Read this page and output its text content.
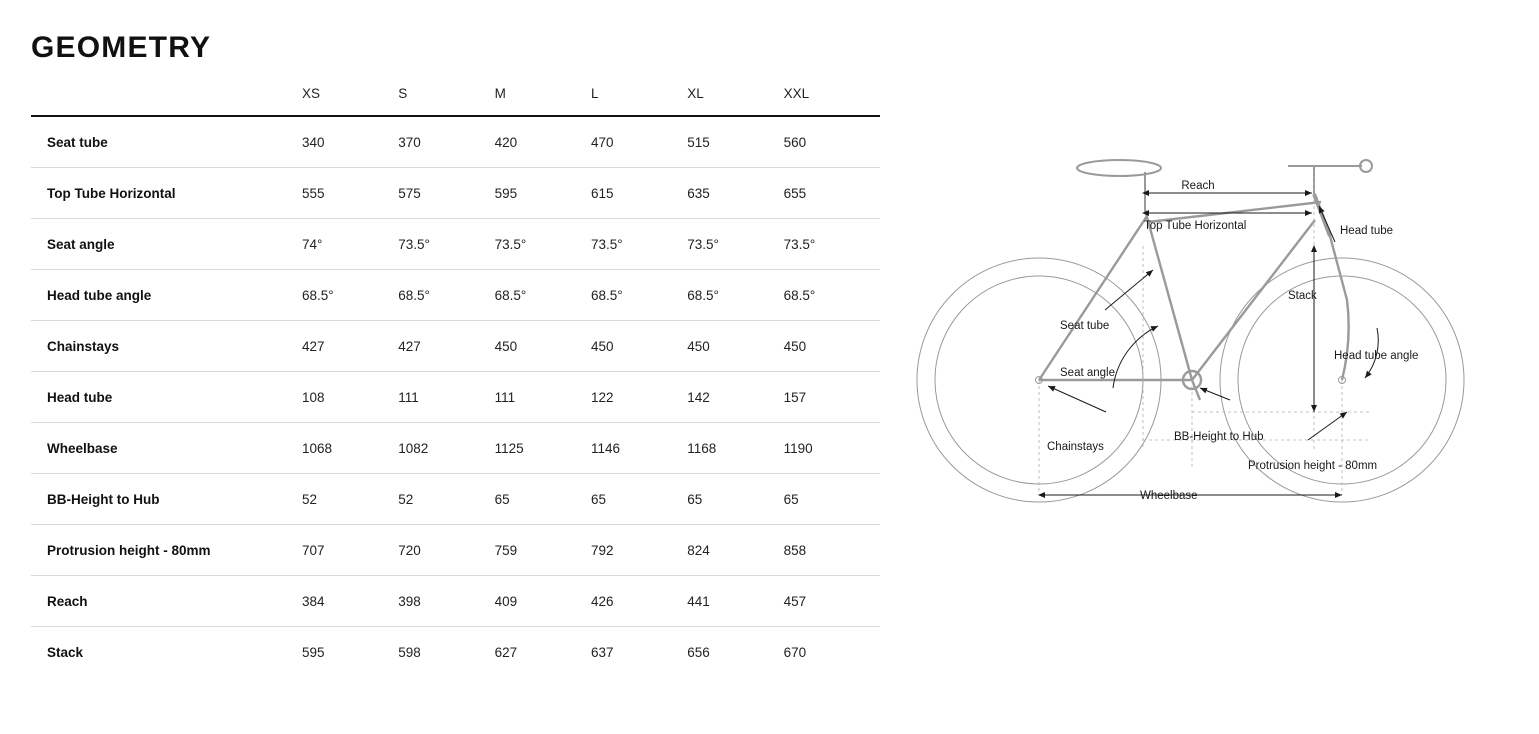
GEOMETRY
	XS	S	M	L	XL	XXL
Seat tube	340	370	420	470	515	560
Top Tube Horizontal	555	575	595	615	635	655
Seat angle	74°	73.5°	73.5°	73.5°	73.5°	73.5°
Head tube angle	68.5°	68.5°	68.5°	68.5°	68.5°	68.5°
Chainstays	427	427	450	450	450	450
Head tube	108	111	111	122	142	157
Wheelbase	1068	1082	1125	1146	1168	1190
BB-Height to Hub	52	52	65	65	65	65
Protrusion height - 80mm	707	720	759	792	824	858
Reach	384	398	409	426	441	457
Stack	595	598	627	637	656	670
Reach
Top Tube Horizontal	Head tube
Stack
Seat tube
Seat angle
Head tube angle
BB-Height to Hub
Chainstays
Protrusion height - 80mm
Wheelbase
